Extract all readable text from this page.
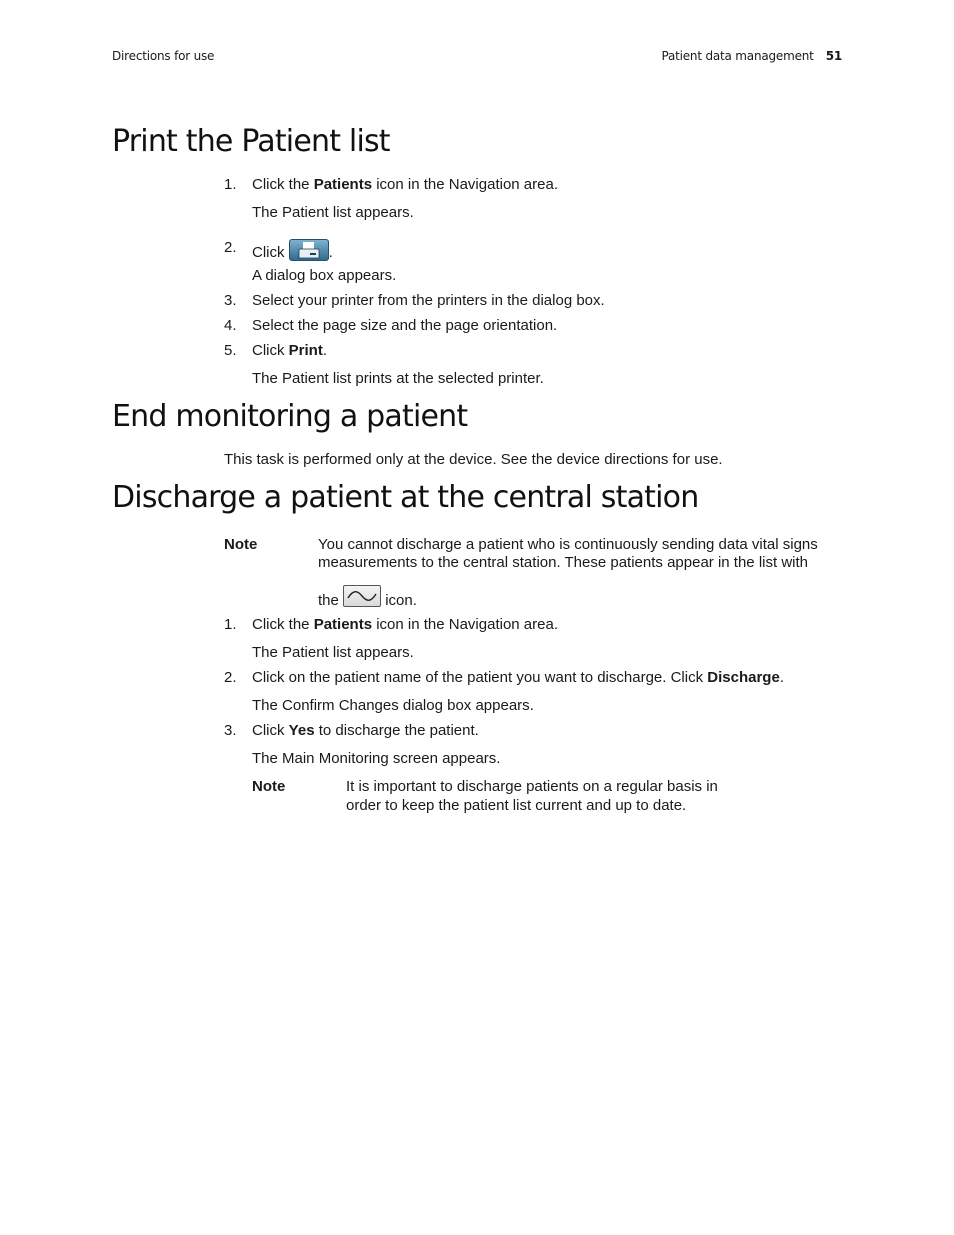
Directions for use	Patient data management 51
Print the Patient list
1. Click the Patients icon in the Navigation area.

The Patient list appears.

2. Click	.

A dialog box appears.

3. Select your printer from the printers in the dialog box.

4. Select the page size and the page orientation.

5. Click Print.

The Patient list prints at the selected printer.

End monitoring a patient

This task is performed only at the device. See the device directions for use.

Discharge a patient at the central station

Note	You cannot discharge a patient who is continuously sending data vital signs

measurements to the central station. These patients appear in the list with

the	icon.

1. Click the Patients icon in the Navigation area.

The Patient list appears.

2. Click on the patient name of the patient you want to discharge. Click Discharge.

The Confirm Changes dialog box appears.

3. Click Yes to discharge the patient.

The Main Monitoring screen appears.

Note	It is important to discharge patients on a regular basis in

order to keep the patient list current and up to date.
